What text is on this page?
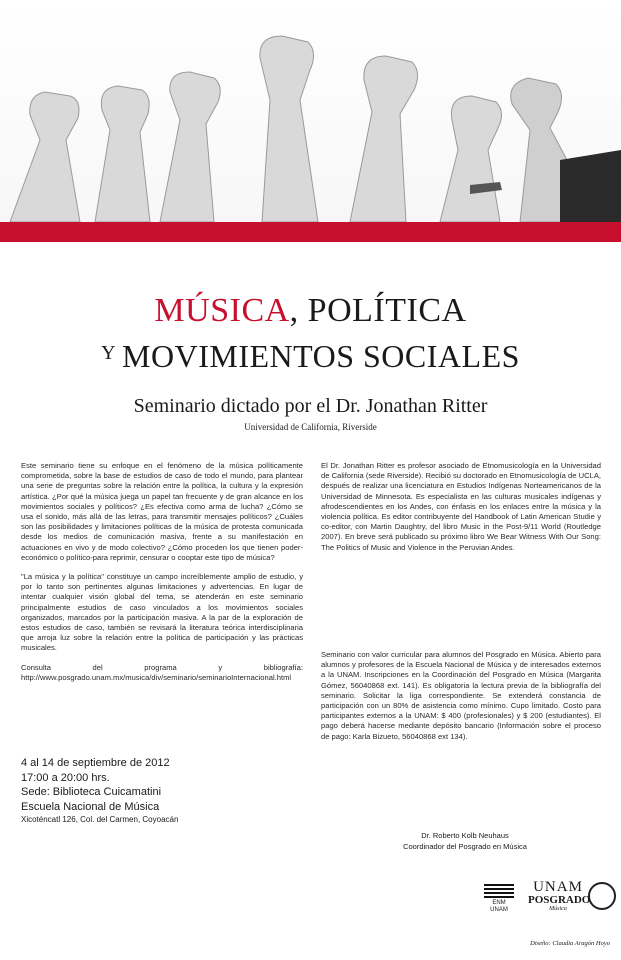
MÚSICA, POLÍTICA
$^Y$ MOVIMIENTOS SOCIALES
Seminario dictado por el Dr. Jonathan Ritter
Universidad de California, Riverside

Este seminario tiene su enfoque en el fenómeno de la música políticamente comprometida, sobre la base de estudios de caso de todo el mundo, para plantear una serie de preguntas sobre la relación entre la política, la cultura y la expresión artística. ¿Por qué la música juega un papel tan frecuente y de gran alcance en los movimientos sociales y políticos? ¿Es efectiva como arma de lucha? ¿Cómo se usa el sonido, más allá de las letras, para transmitir mensajes políticos? ¿Cuáles son las posibilidades y limitaciones políticas de la música de protesta comunicada desde los medios de comunicación masiva, frente a su manifestación en actuaciones en vivo y de modo colectivo? ¿Cómo proceden los que tienen poder-económico o político-para reprimir, censurar o cooptar este tipo de música?

"La música y la política" constituye un campo increíblemente amplio de estudio, y por lo tanto son pertinentes algunas limitaciones y advertencias. En lugar de intentar cualquier visión global del tema, se atenderán en este seminario principalmente estudios de caso vinculados a los movimientos sociales organizados, marcados por la participación masiva. A la par de la exploración de estos estudios de caso, también se revisará la literatura teórica interdisciplinaria que arroja luz sobre la relación entre la política de participación y las prácticas musicales.

Consulta del programa y bibliografía: http://www.posgrado.unam.mx/musica/div/seminario/seminarioInternacional.html

El Dr. Jonathan Ritter es profesor asociado de Etnomusicología en la Universidad de California (sede Riverside). Recibió su doctorado en Etnomusicología de UCLA, después de realizar una licenciatura en Estudios Indígenas Norteamericanos de la Universidad de Minnesota. Es especialista en las culturas musicales indígenas y afrodescendientes en los Andes, con énfasis en los enlaces entre la música y la violencia política. Es editor contribuyente del Handbook of Latin American Studie y co-editor, con Martin Daughtry, del libro Music in the Post-9/11 World (Routledge 2007). En breve será publicado su próximo libro We Bear Witness With Our Song: The Politics of Music and Violence in the Peruvian Andes.

Seminario con valor curricular para alumnos del Posgrado en Música. Abierto para alumnos y profesores de la Escuela Nacional de Música y de interesados externos a la UNAM. Inscripciones en la Coordinación del Posgrado en Música (Margarita Gómez, 56040868 ext. 141). Es obligatoria la lectura previa de la bibliografía del seminario. Solicitar la liga correspondiente. Se extenderá constancia de participación con un 80% de asistencia como mínimo. Cupo limitado. Costo para participantes externos a la UNAM: $ 400 (profesionales) y $ 200 (estudiantes). El pago deberá hacerse mediante depósito bancario (Información sobre el proceso de pago: Karla Bizueto, 56040868 ext 134).

4 al 14 de septiembre de 2012
17:00 a 20:00 hrs.
Sede: Biblioteca Cuicamatini
Escuela Nacional de Música
Xicoténcatl 126, Col. del Carmen, Coyoacán
Dr. Roberto Kolb Neuhaus
Coordinador del Posgrado en Música
ENM
UNAM
UNAM
POSGRADO
Música
Diseño: Claudia Aragón Hoyo
